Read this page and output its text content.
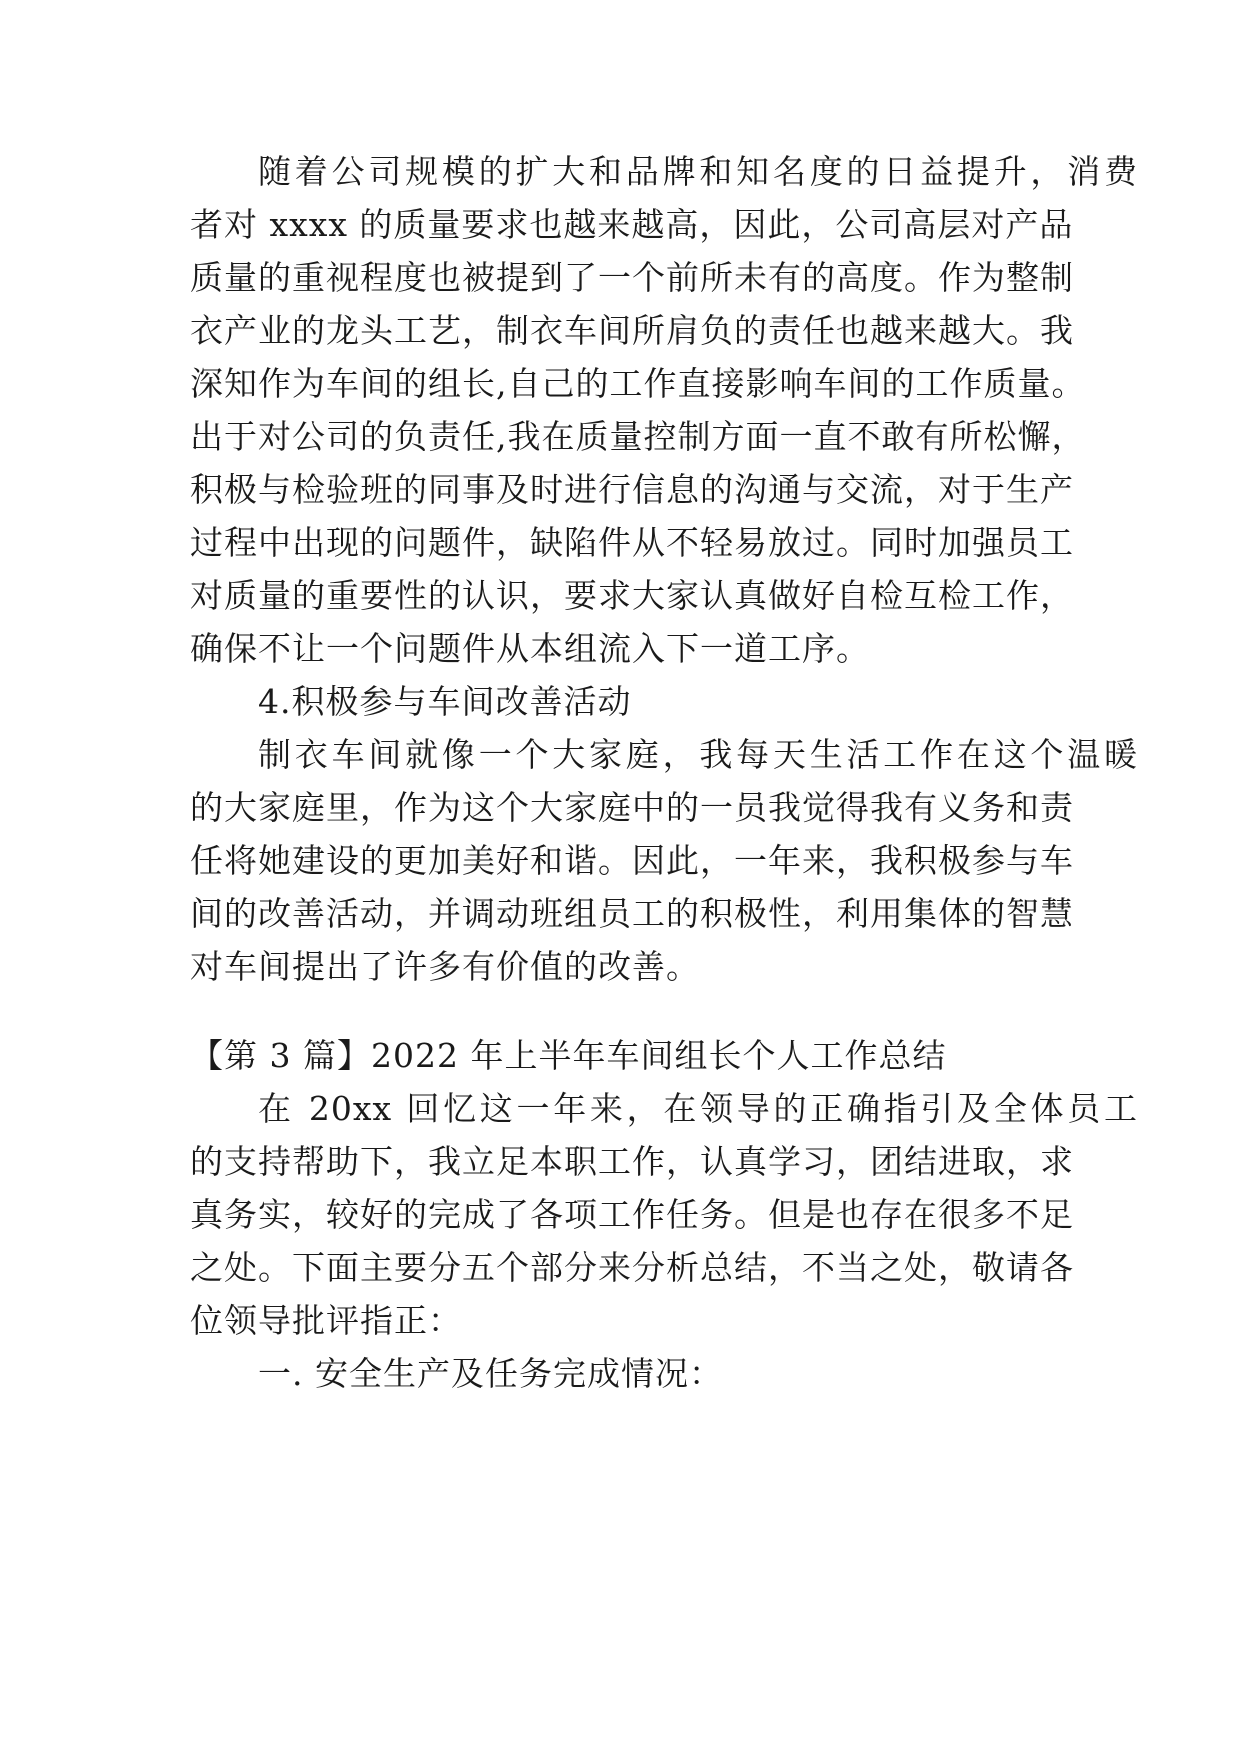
随着公司规模的扩大和品牌和知名度的日益提升，消费
者对 xxxx 的质量要求也越来越高，因此，公司高层对产品
质量的重视程度也被提到了一个前所未有的高度。作为整制
衣产业的龙头工艺，制衣车间所肩负的责任也越来越大。我
深知作为车间的组长,自己的工作直接影响车间的工作质量。
出于对公司的负责任,我在质量控制方面一直不敢有所松懈，
积极与检验班的同事及时进行信息的沟通与交流，对于生产
过程中出现的问题件，缺陷件从不轻易放过。同时加强员工
对质量的重要性的认识，要求大家认真做好自检互检工作，
确保不让一个问题件从本组流入下一道工序。
4.积极参与车间改善活动
制衣车间就像一个大家庭，我每天生活工作在这个温暖
的大家庭里，作为这个大家庭中的一员我觉得我有义务和责
任将她建设的更加美好和谐。因此，一年来，我积极参与车
间的改善活动，并调动班组员工的积极性，利用集体的智慧
对车间提出了许多有价值的改善。
【第 3 篇】2022 年上半年车间组长个人工作总结
在 20xx 回忆这一年来，在领导的正确指引及全体员工
的支持帮助下，我立足本职工作，认真学习，团结进取，求
真务实，较好的完成了各项工作任务。但是也存在很多不足
之处。下面主要分五个部分来分析总结，不当之处，敬请各
位领导批评指正：
一. 安全生产及任务完成情况：
